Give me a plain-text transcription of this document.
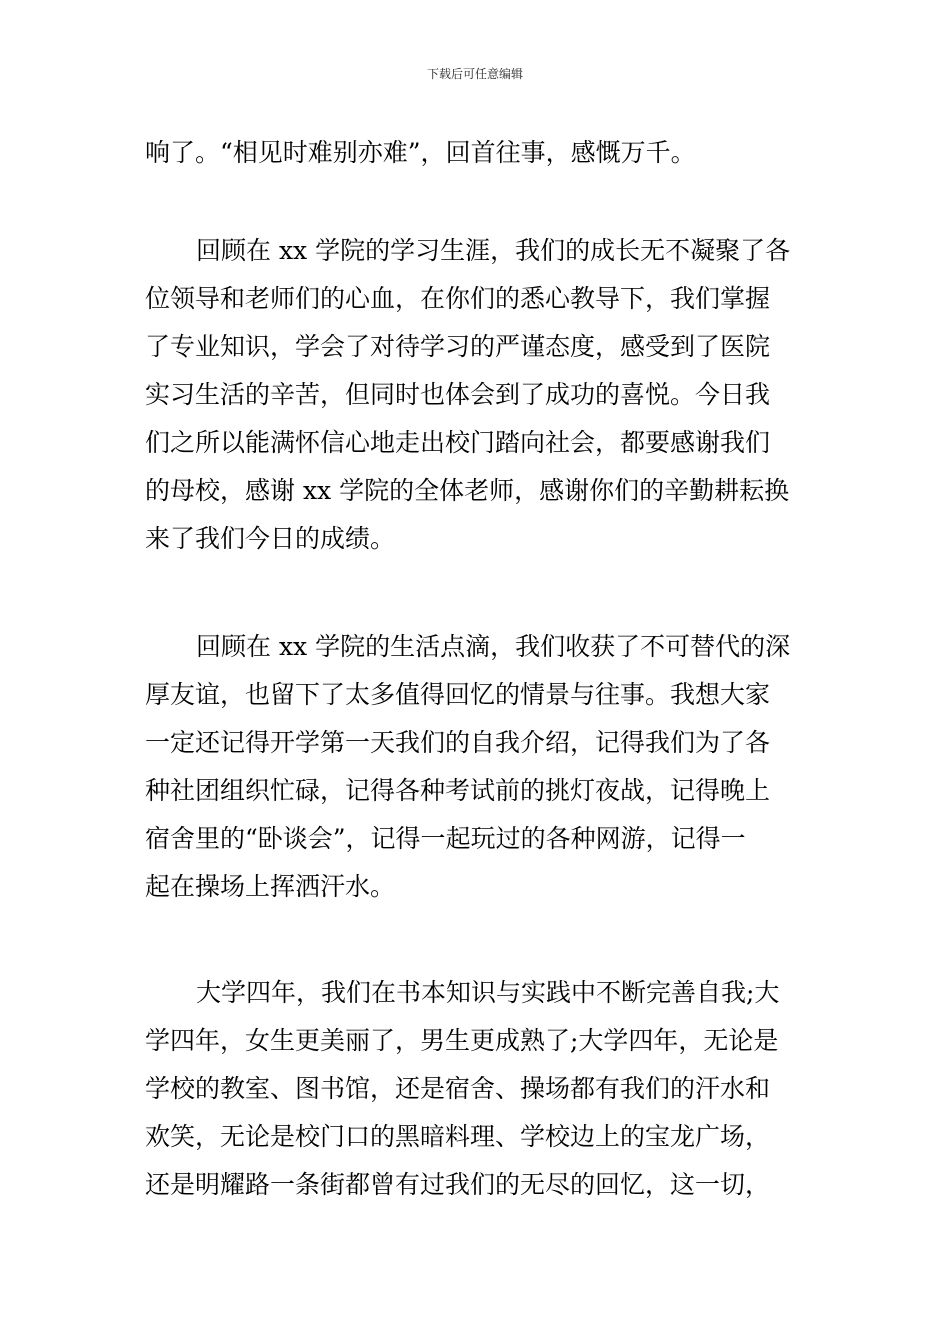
下载后可任意编辑
响了。“相见时难别亦难”，回首往事，感慨万千。
回顾在 xx 学院的学习生涯，我们的成长无不凝聚了各
位领导和老师们的心血，在你们的悉心教导下，我们掌握
了专业知识，学会了对待学习的严谨态度，感受到了医院
实习生活的辛苦，但同时也体会到了成功的喜悦。今日我
们之所以能满怀信心地走出校门踏向社会，都要感谢我们
的母校，感谢 xx 学院的全体老师，感谢你们的辛勤耕耘换
来了我们今日的成绩。
回顾在 xx 学院的生活点滴，我们收获了不可替代的深
厚友谊，也留下了太多值得回忆的情景与往事。我想大家
一定还记得开学第一天我们的自我介绍，记得我们为了各
种社团组织忙碌，记得各种考试前的挑灯夜战，记得晚上
宿舍里的“卧谈会”，记得一起玩过的各种网游，记得一
起在操场上挥洒汗水。
大学四年，我们在书本知识与实践中不断完善自我;大
学四年，女生更美丽了，男生更成熟了;大学四年，无论是
学校的教室、图书馆，还是宿舍、操场都有我们的汗水和
欢笑，无论是校门口的黑暗料理、学校边上的宝龙广场，
还是明耀路一条街都曾有过我们的无尽的回忆，这一切，
